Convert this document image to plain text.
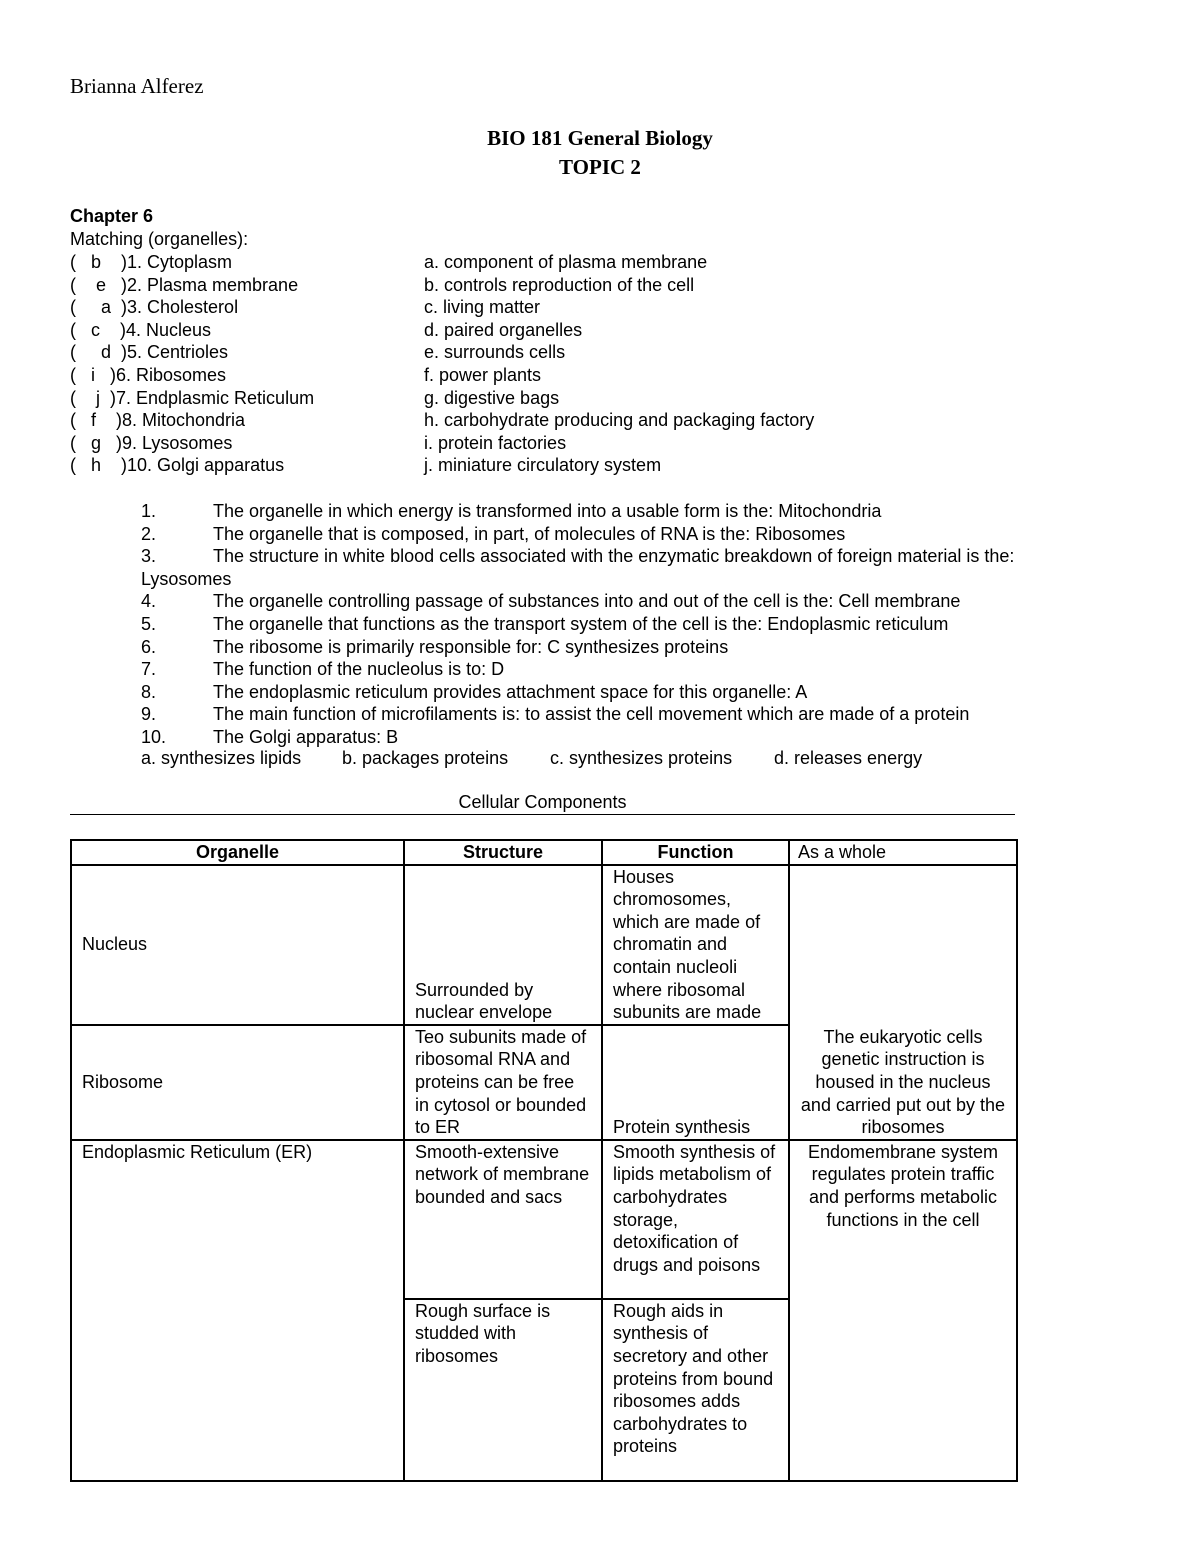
Brianna Alferez
BIO 181 General Biology
TOPIC 2
Chapter 6
Matching (organelles):
(   b    )1. Cytoplasm	a. component of plasma membrane
(    e   )2. Plasma membrane	b. controls reproduction of the cell
(     a  )3. Cholesterol	c. living matter
(   c    )4. Nucleus	d. paired organelles
(     d  )5. Centrioles	e. surrounds cells
(   i   )6. Ribosomes	f. power plants
(    j  )7. Endplasmic Reticulum	g. digestive bags
(   f    )8. Mitochondria	h. carbohydrate producing and packaging factory
(   g   )9. Lysosomes	i. protein factories
(   h    )10. Golgi apparatus	j. miniature circulatory system
1.	The organelle in which energy is transformed into a usable form is the: Mitochondria
2.	The organelle that is composed, in part, of molecules of RNA is the: Ribosomes
3.	The structure in white blood cells associated with the enzymatic breakdown of foreign material is the:
Lysosomes
4.	The organelle controlling passage of substances into and out of the cell is the: Cell membrane
5.	The organelle that functions as the transport system of the cell is the: Endoplasmic reticulum
6.	The ribosome is primarily responsible for: C synthesizes proteins
7.	The function of the nucleolus is to: D
8.	The endoplasmic reticulum provides attachment space for this organelle: A
9.	The main function of microfilaments is: to assist the cell movement which are made of a protein
10.	The Golgi apparatus: B
a. synthesizes lipids b. packages proteins c. synthesizes proteins d. releases energy
Cellular Components
Organelle	Structure	Function	As a whole
Nucleus	Surrounded by nuclear envelope	Houses chromosomes, which are made of chromatin and contain nucleoli where ribosomal subunits are made	The eukaryotic cells genetic instruction is housed in the nucleus and carried put out by the ribosomes
Ribosome	Teo subunits made of ribosomal RNA and proteins can be free in cytosol or bounded to ER	Protein synthesis	
Endoplasmic Reticulum (ER)	Smooth-extensive network of membrane bounded and sacs	Smooth synthesis of lipids metabolism of carbohydrates storage, detoxification of drugs and poisons	Endomembrane system regulates protein traffic and performs metabolic functions in the cell
	Rough surface is studded with ribosomes	Rough aids in synthesis of secretory and other proteins from bound ribosomes adds carbohydrates to proteins	
